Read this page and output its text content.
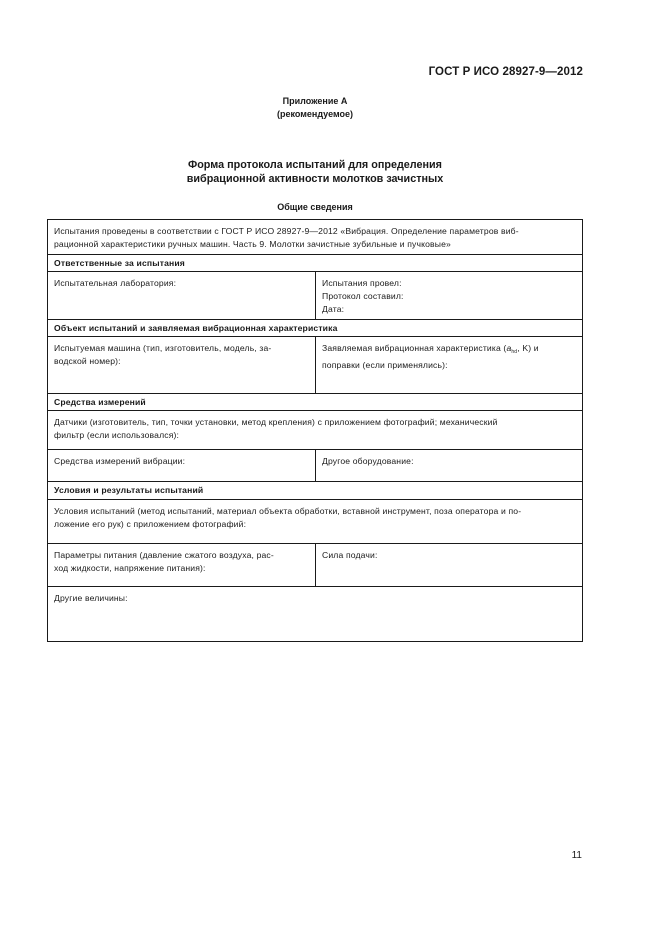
ГОСТ Р ИСО 28927-9—2012
Приложение А
(рекомендуемое)
Форма протокола испытаний для определения
вибрационной активности молотков зачистных
Общие сведения
Испытания проведены в соответствии с ГОСТ Р ИСО 28927-9—2012 «Вибрация. Определение параметров виб-
рационной характеристики ручных машин. Часть 9. Молотки зачистные зубильные и пучковые»	

Ответственные за испытания	
Испытательная лаборатория:	Испытания провел:
Протокол составил:
Дата:

Объект испытаний и заявляемая вибрационная характеристика	

Испытуемая машина (тип, изготовитель, модель, за-
водской номер):	Заявляемая вибрационная характеристика ($a_{hd}$, K) и
поправки (если применялись):

Средства измерений	

Датчики (изготовитель, тип, точки установки, метод крепления) с приложением фотографий; механический
фильтр (если использовался):	

Средства измерений вибрации:	Другое оборудование:
Условия и результаты испытаний	

Условия испытаний (метод испытаний, материал объекта обработки, вставной инструмент, поза оператора и по-
ложение его рук) с приложением фотографий:	

Параметры питания (давление сжатого воздуха, рас-
ход жидкости, напряжение питания):	Сила подачи:
Другие величины:	
11
